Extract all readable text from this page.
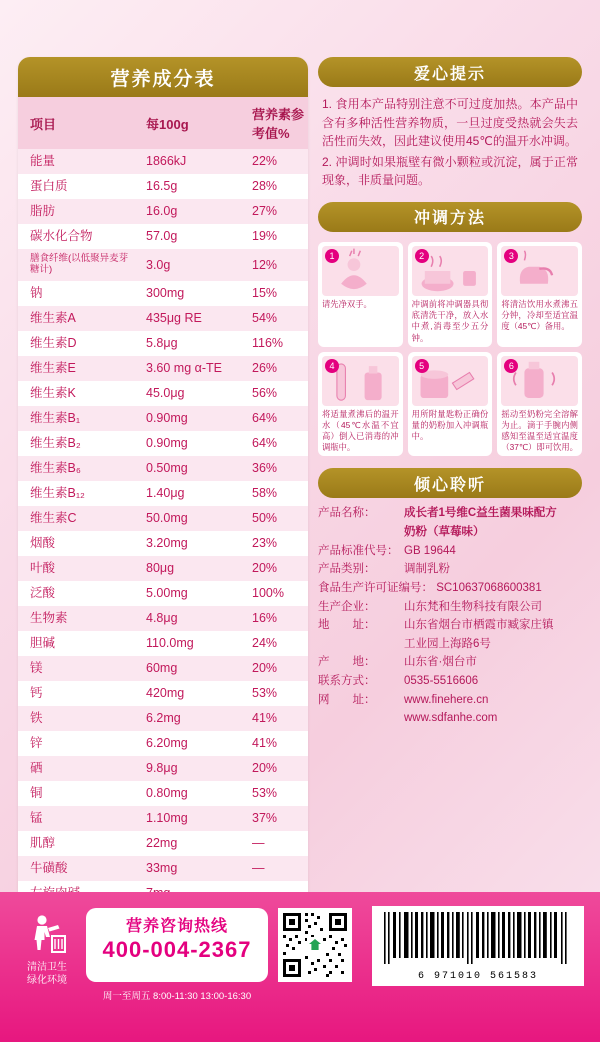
营养成分表
项目	每100g	营养素参考值%
能量	1866kJ	22%
蛋白质	16.5g	28%
脂肪	16.0g	27%
碳水化合物	57.0g	19%
膳食纤维(以低聚异麦芽糖计)	3.0g	12%
钠	300mg	15%
维生素A	435μg RE	54%
维生素D	5.8μg	116%
维生素E	3.60 mg α-TE	26%
维生素K	45.0μg	56%
维生素B₁	0.90mg	64%
维生素B₂	0.90mg	64%
维生素B₆	0.50mg	36%
维生素B₁₂	1.40μg	58%
维生素C	50.0mg	50%
烟酸	3.20mg	23%
叶酸	80μg	20%
泛酸	5.00mg	100%
生物素	4.8μg	16%
胆碱	110.0mg	24%
镁	60mg	20%
钙	420mg	53%
铁	6.2mg	41%
锌	6.20mg	41%
硒	9.8μg	20%
铜	0.80mg	53%
锰	1.10mg	37%
肌醇	22mg	—
牛磺酸	33mg	—

爱心提示

1. 食用本产品特别注意不可过度加热。本产品中含有多种活性营养物质，一旦过度受热就会失去活性而失效，因此建议使用45℃的温开水冲调。

2. 冲调时如果瓶壁有微小颗粒或沉淀，属于正常现象，非质量问题。

冲调方法
1
请先净双手。
2
冲调前将冲调器具彻底清洗干净，放入水中煮,消毒至少五分钟。
3
将清洁饮用水煮沸五分钟，冷却至适宜温度（45℃）备用。
4
将适量煮沸后的温开水（45℃水温不宜高）倒入已消毒的冲调瓶中。
5
用所附量匙粉正确份量的奶粉加入冲调瓶中。
6
摇动至奶粉完全溶解为止。滴于手腕内侧感知至温至适宜温度（37℃）即可饮用。
倾心聆听
产品名称：	成长者1号维C益生菌果味配方
奶粉（草莓味）
产品标准代号： GB 19644
产品类别：	调制乳粉
食品生产许可证编号： SC10637068600381
生产企业：	山东梵和生物科技有限公司
地　　址：	山东省烟台市栖霞市臧家庄镇
工业园上海路6号
产　　地：	山东省·烟台市
联系方式：	0535-5516606
网　　址：	www.finehere.cn
www.sdfanhe.com
清洁卫生
绿化环境
营养咨询热线
400-004-2367
周一至周五 8:00-11:30 13:00-16:30
6 971010 561583
